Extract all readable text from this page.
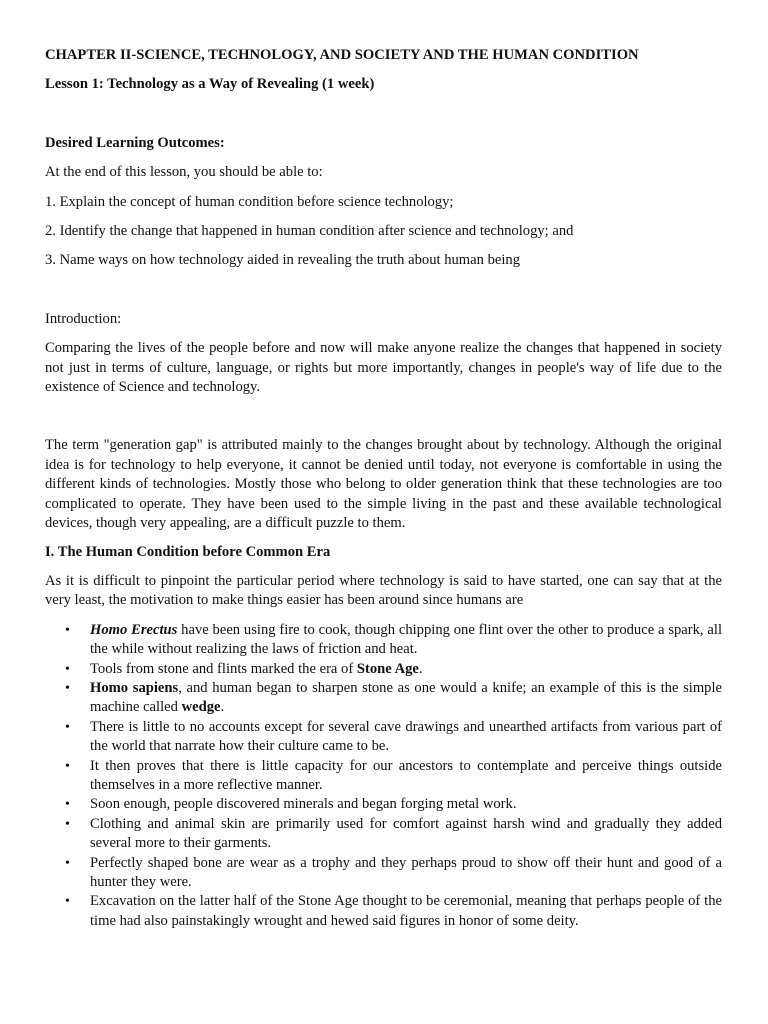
CHAPTER II-SCIENCE, TECHNOLOGY, AND SOCIETY AND THE HUMAN CONDITION

Lesson 1: Technology as a Way of Revealing (1 week)

Desired Learning Outcomes:

At the end of this lesson, you should be able to:

1. Explain the concept of human condition before science technology;

2. Identify the change that happened in human condition after science and technology; and

3. Name ways on how technology aided in revealing the truth about human being

Introduction:

Comparing the lives of the people before and now will make anyone realize the changes that happened in society not just in terms of culture, language, or rights but more importantly, changes in people's way of life due to the existence of Science and technology.

The term "generation gap" is attributed mainly to the changes brought about by technology. Although the original idea is for technology to help everyone, it cannot be denied until today, not everyone is comfortable in using the different kinds of technologies. Mostly those who belong to older generation think that these technologies are too complicated to operate. They have been used to the simple living in the past and these available technological devices, though very appealing, are a difficult puzzle to them.

I. The Human Condition before Common Era

As it is difficult to pinpoint the particular period where technology is said to have started, one can say that at the very least, the motivation to make things easier has been around since humans are

• Homo Erectus have been using fire to cook, though chipping one flint over the other to produce a spark, all the while without realizing the laws of friction and heat.
• Tools from stone and flints marked the era of Stone Age.
• Homo sapiens, and human began to sharpen stone as one would a knife; an example of this is the simple machine called wedge.
• There is little to no accounts except for several cave drawings and unearthed artifacts from various part of the world that narrate how their culture came to be.
• It then proves that there is little capacity for our ancestors to contemplate and perceive things outside themselves in a more reflective manner.
• Soon enough, people discovered minerals and began forging metal work.
• Clothing and animal skin are primarily used for comfort against harsh wind and gradually they added several more to their garments.
• Perfectly shaped bone are wear as a trophy and they perhaps proud to show off their hunt and good of a hunter they were.
• Excavation on the latter half of the Stone Age thought to be ceremonial, meaning that perhaps people of the time had also painstakingly wrought and hewed said figures in honor of some deity.
